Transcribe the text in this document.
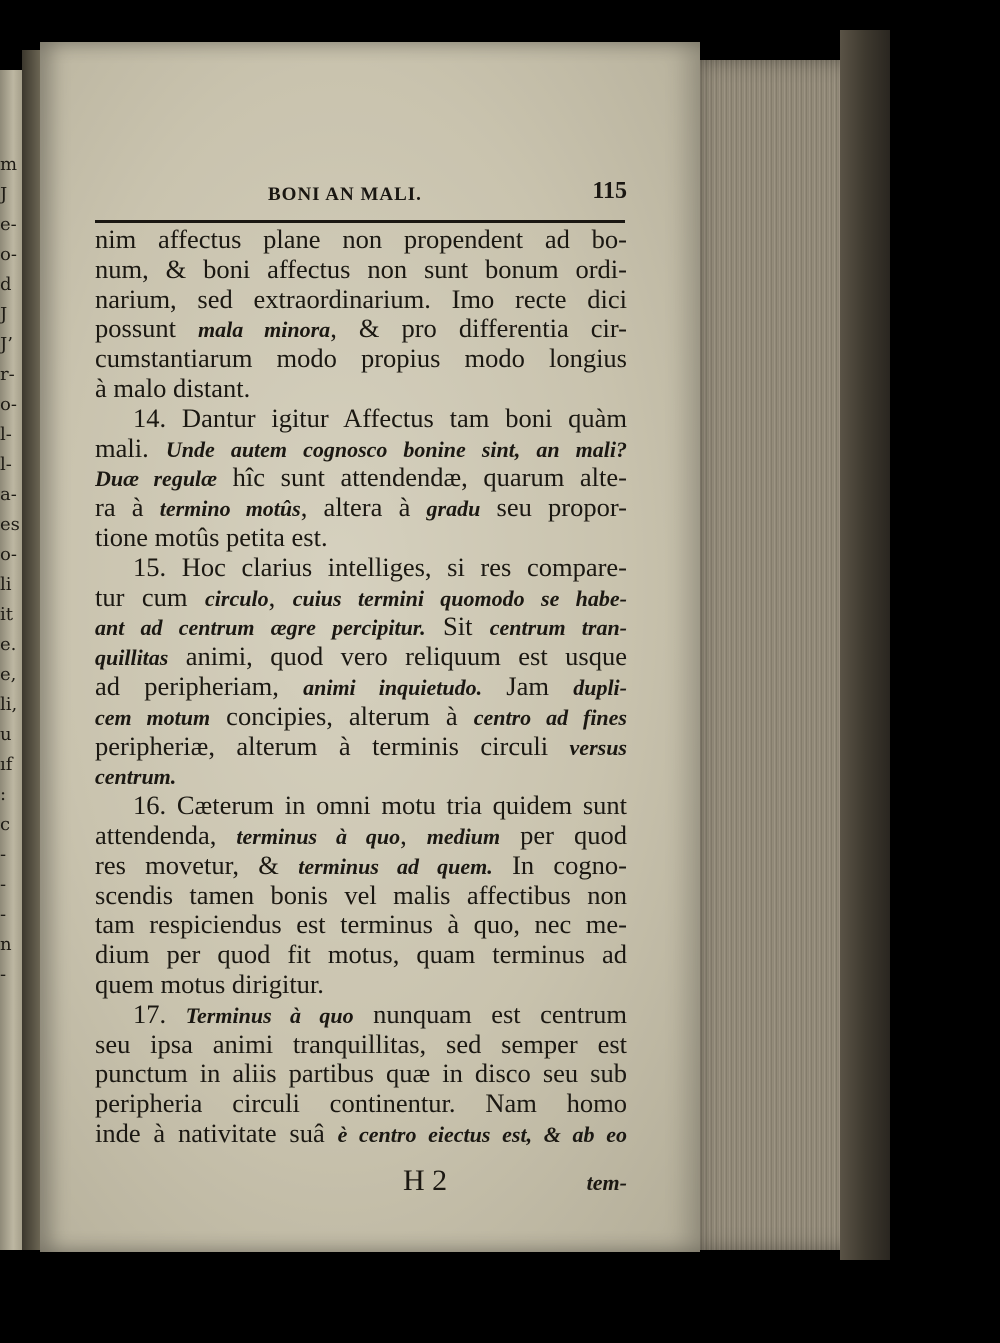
m
J
e-
o-
d
J
J’
r-
o-
l-
l-
a-
es
o-
li
it
e.
e,
li,
u
ıf
:
c
-
-
-
n
-
BONI AN MALI.	115
nim affectus plane non propendent ad bo-
num, & boni affectus non sunt bonum ordi-
narium, sed extraordinarium. Imo recte dici
possunt mala minora, & pro differentia cir-
cumstantiarum modo propius modo longius
à malo distant.
14. Dantur igitur Affectus tam boni quàm
mali. Unde autem cognosco bonine sint, an mali?
Duæ regulæ hîc sunt attendendæ, quarum alte-
ra à termino motûs, altera à gradu seu propor-
tione motûs petita est.
15. Hoc clarius intelliges, si res compare-
tur cum circulo, cuius termini quomodo se habe-
ant ad centrum ægre percipitur. Sit centrum tran-
quillitas animi, quod vero reliquum est usque
ad peripheriam, animi inquietudo. Jam dupli-
cem motum concipies, alterum à centro ad fines
peripheriæ, alterum à terminis circuli versus
centrum.
16. Cæterum in omni motu tria quidem sunt
attendenda, terminus à quo, medium per quod
res movetur, & terminus ad quem. In cogno-
scendis tamen bonis vel malis affectibus non
tam respiciendus est terminus à quo, nec me-
dium per quod fit motus, quam terminus ad
quem motus dirigitur.
17. Terminus à quo nunquam est centrum
seu ipsa animi tranquillitas, sed semper est
punctum in aliis partibus quæ in disco seu sub
peripheria circuli continentur. Nam homo
inde à nativitate suâ è centro eiectus est, & ab eo
H 2	tem-
